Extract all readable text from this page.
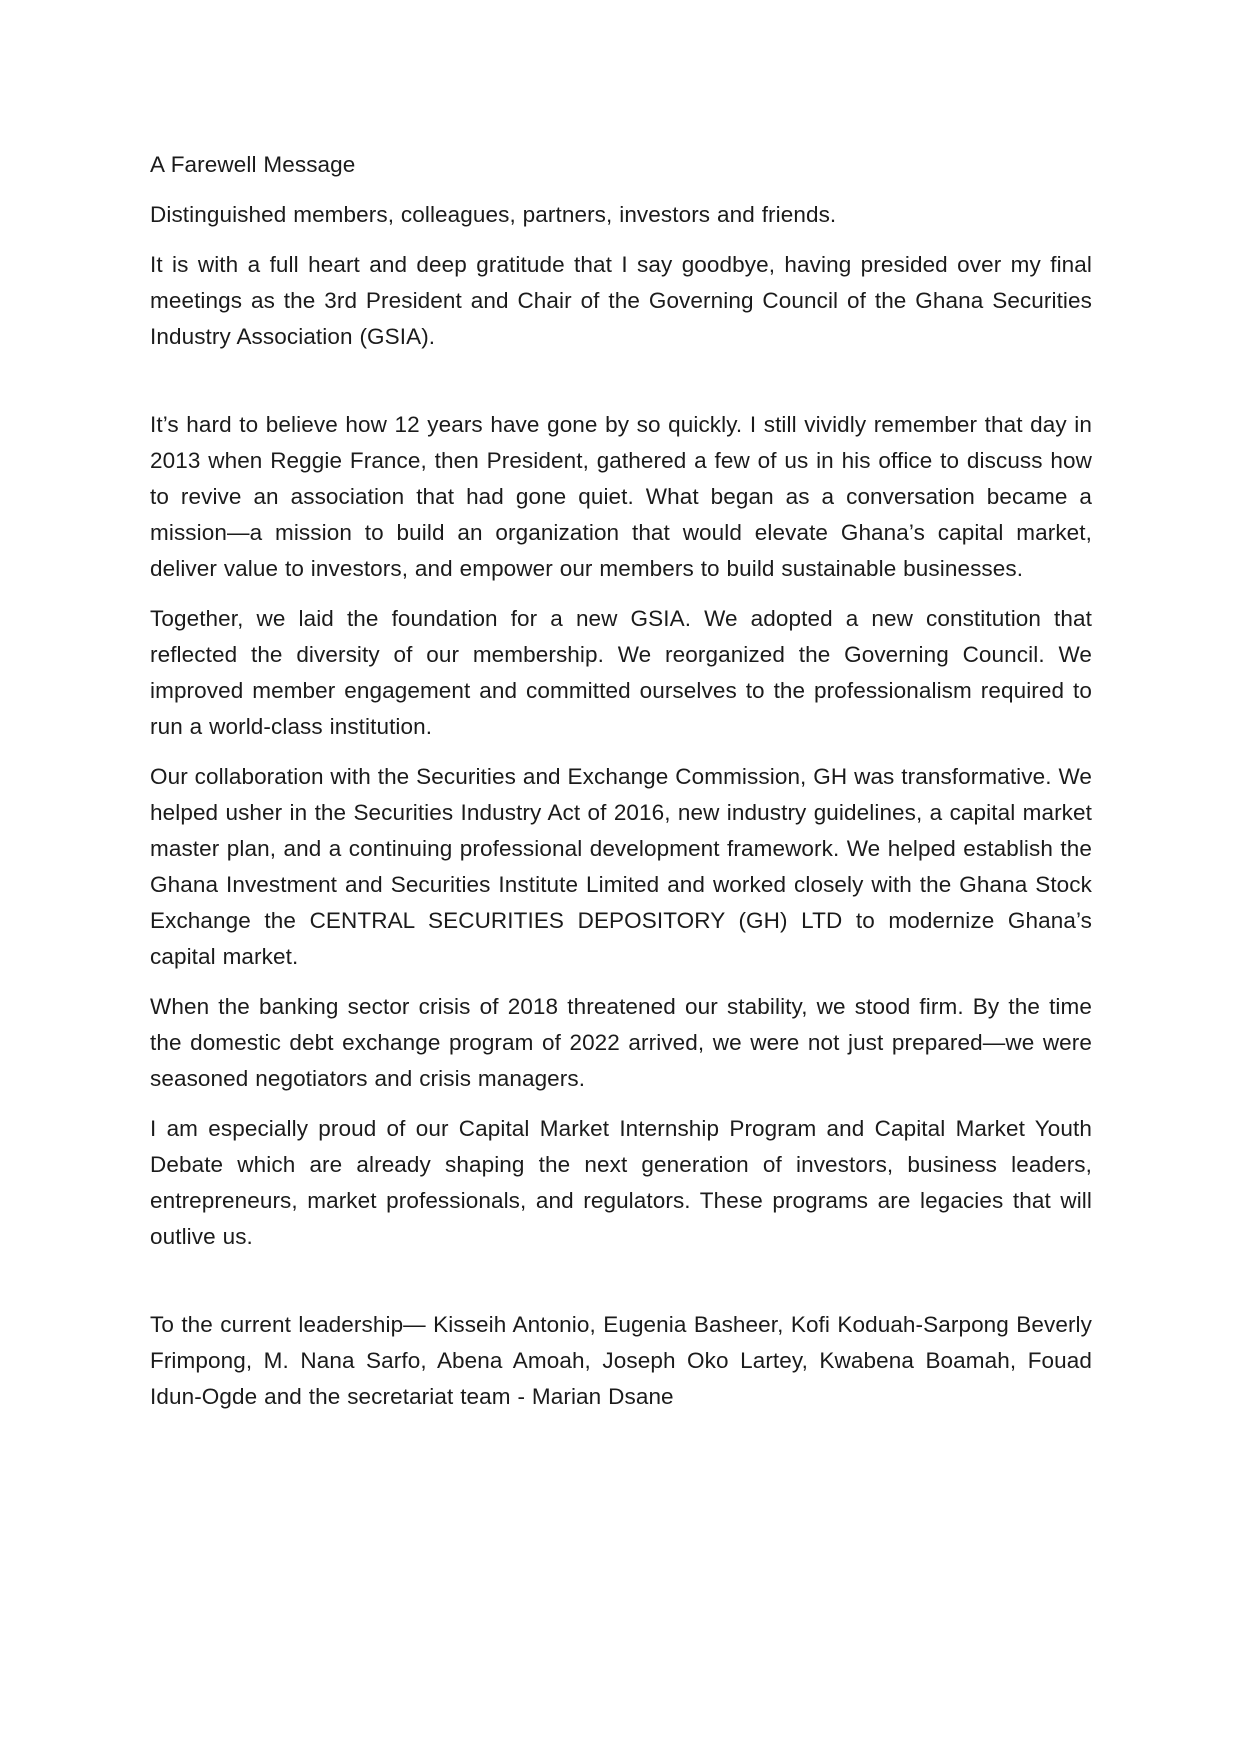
A Farewell Message

Distinguished members, colleagues, partners, investors and friends.

It is with a full heart and deep gratitude that I say goodbye, having presided over my final meetings as the 3rd President and Chair of the Governing Council of the Ghana Securities Industry Association (GSIA).

It’s hard to believe how 12 years have gone by so quickly. I still vividly remember that day in 2013 when Reggie France, then President, gathered a few of us in his office to discuss how to revive an association that had gone quiet. What began as a conversation became a mission—a mission to build an organization that would elevate Ghana’s capital market, deliver value to investors, and empower our members to build sustainable businesses.

Together, we laid the foundation for a new GSIA. We adopted a new constitution that reflected the diversity of our membership. We reorganized the Governing Council. We improved member engagement and committed ourselves to the professionalism required to run a world-class institution.

Our collaboration with the Securities and Exchange Commission, GH was transformative. We helped usher in the Securities Industry Act of 2016, new industry guidelines, a capital market master plan, and a continuing professional development framework. We helped establish the Ghana Investment and Securities Institute Limited and worked closely with the Ghana Stock Exchange the CENTRAL SECURITIES DEPOSITORY (GH) LTD to modernize Ghana’s capital market.

When the banking sector crisis of 2018 threatened our stability, we stood firm. By the time the domestic debt exchange program of 2022 arrived, we were not just prepared—we were seasoned negotiators and crisis managers.

I am especially proud of our Capital Market Internship Program and Capital Market Youth Debate which are already shaping the next generation of investors, business leaders, entrepreneurs, market professionals, and regulators. These programs are legacies that will outlive us.

To the current leadership— Kisseih Antonio, Eugenia Basheer, Kofi Koduah-Sarpong Beverly Frimpong, M. Nana Sarfo, Abena Amoah, Joseph Oko Lartey, Kwabena Boamah, Fouad Idun-Ogde and the secretariat team - Marian Dsane
